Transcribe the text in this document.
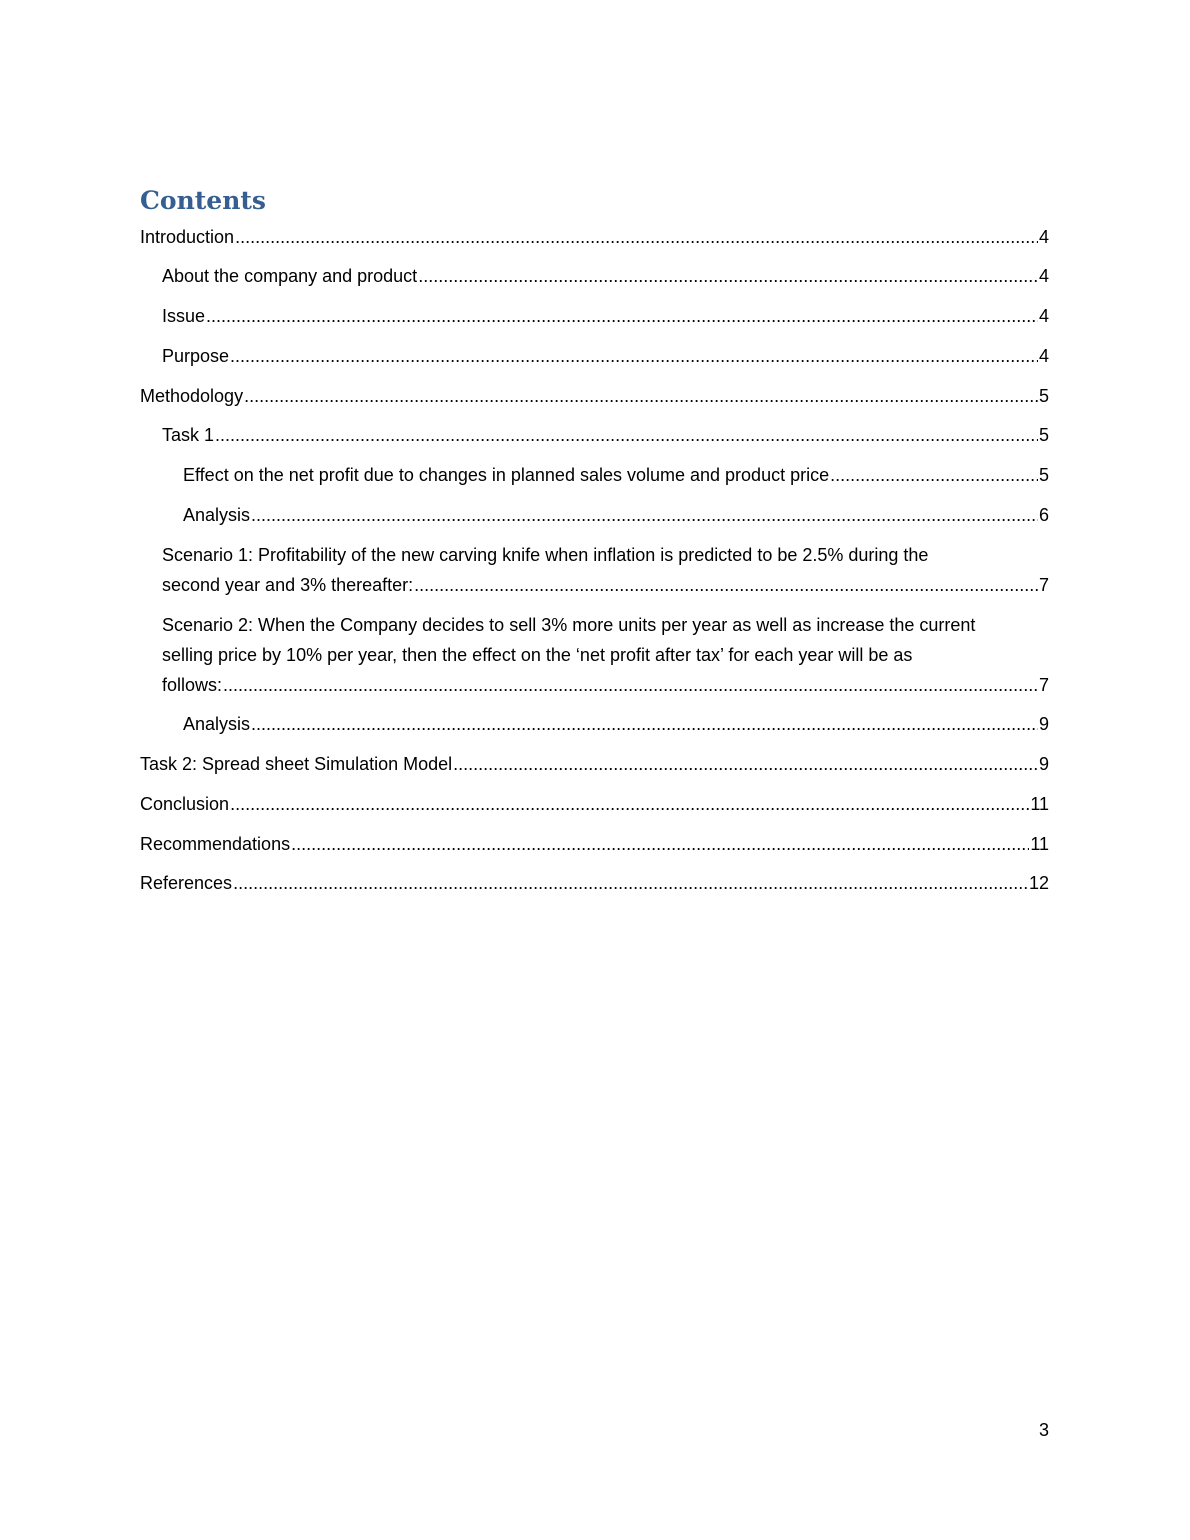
Contents
Introduction .....	4
About the company and product .....	4
Issue .....	4
Purpose .....	4
Methodology .....	5
Task 1 .....	5
Effect on the net profit due to changes in planned sales volume and product price .....	5
Analysis .....	6
Scenario 1: Profitability of the new carving knife when inflation is predicted to be 2.5% during the
second year and 3% thereafter: .....	7
Scenario 2: When the Company decides to sell 3% more units per year as well as increase the current
selling price by 10% per year, then the effect on the ‘net profit after tax’ for each year will be as
follows: .....	7
Analysis .....	9
Task 2: Spread sheet Simulation Model .....	9
Conclusion .....	11
Recommendations .....	11
References .....	12
3
